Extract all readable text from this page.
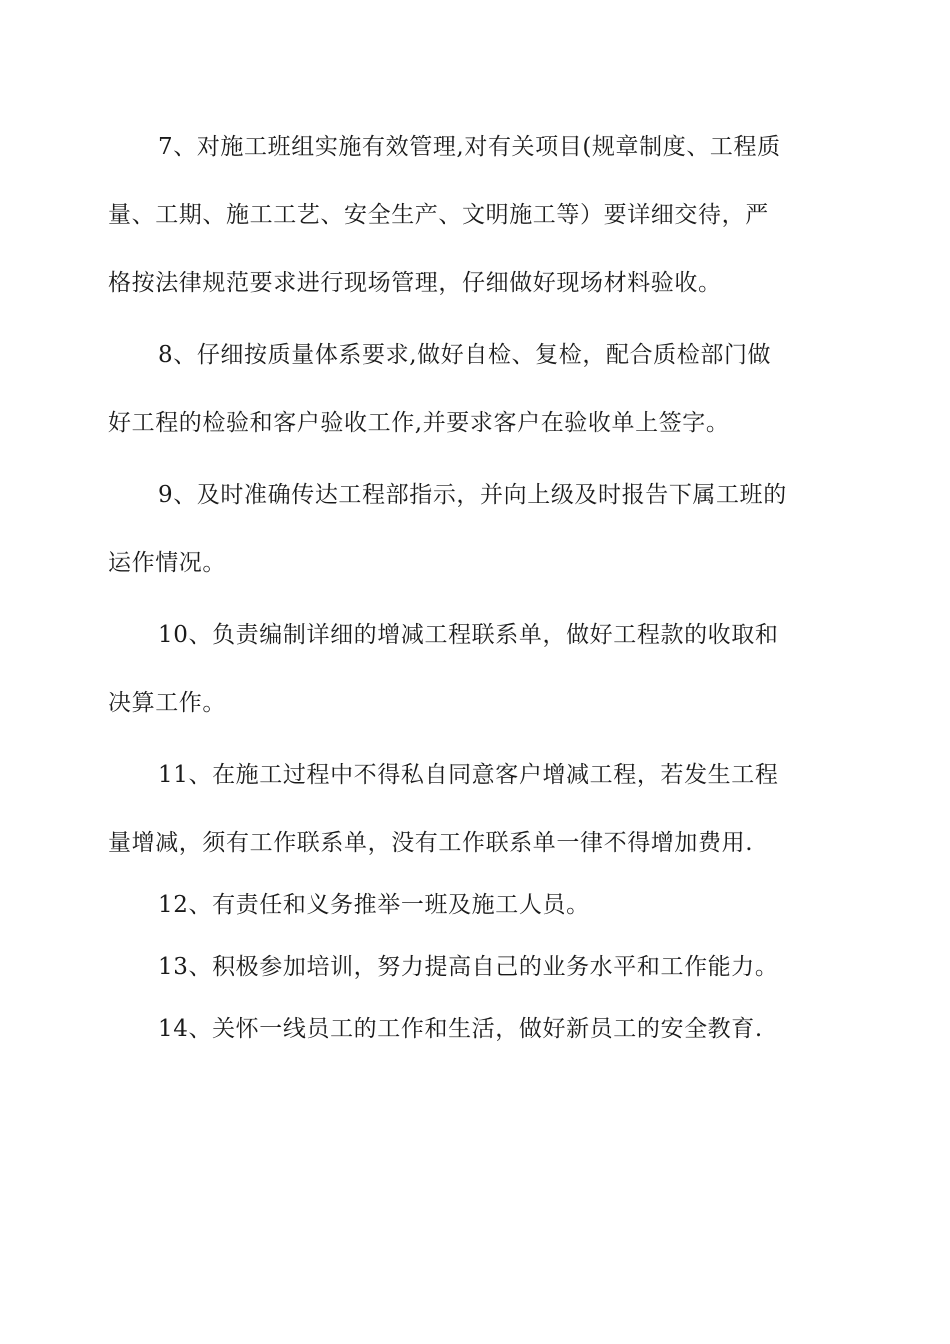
7、对施工班组实施有效管理,对有关项目(规章制度、工程质
量、工期、施工工艺、安全生产、文明施工等）要详细交待，严
格按法律规范要求进行现场管理，仔细做好现场材料验收。
8、仔细按质量体系要求,做好自检、复检，配合质检部门做
好工程的检验和客户验收工作,并要求客户在验收单上签字。
9、及时准确传达工程部指示，并向上级及时报告下属工班的
运作情况。
10、负责编制详细的增减工程联系单，做好工程款的收取和
决算工作。
11、在施工过程中不得私自同意客户增减工程，若发生工程
量增减，须有工作联系单，没有工作联系单一律不得增加费用.
12、有责任和义务推举一班及施工人员。
13、积极参加培训，努力提高自己的业务水平和工作能力。
14、关怀一线员工的工作和生活，做好新员工的安全教育.
